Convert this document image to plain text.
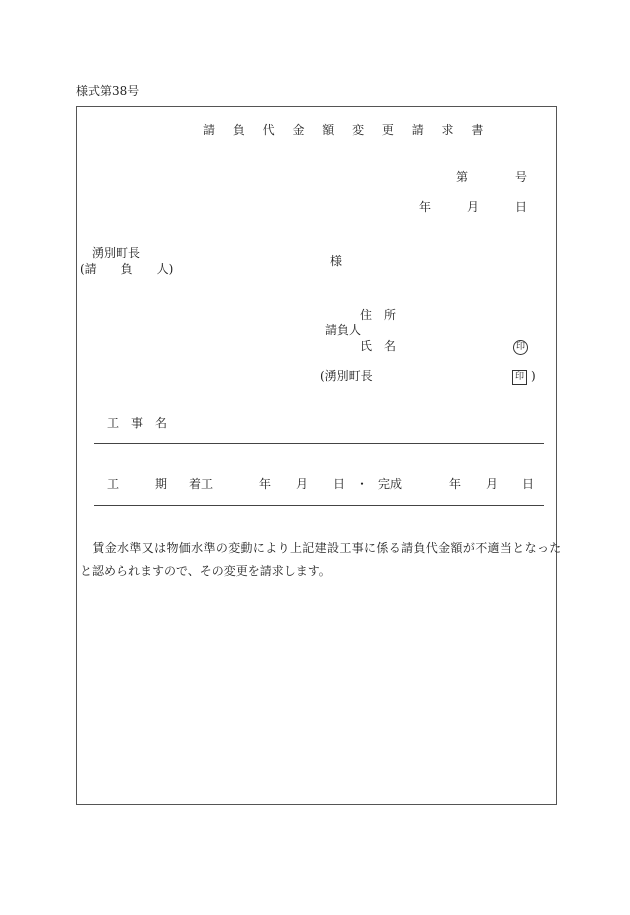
様式第38号
請 負 代 金 額 変 更 請 求 書
第	号
年	月	日
湧別町長
(請　　負　　人)
様
住　所
請負人
氏　名	印
(湧別町長	印 )
工　事　名
工　　　期 着工	年 月 日 ・ 完成	年 月 日
　賃金水準又は物価水準の変動により上記建設工事に係る請負代金額が不適当となった
と認められますので、その変更を請求します。
